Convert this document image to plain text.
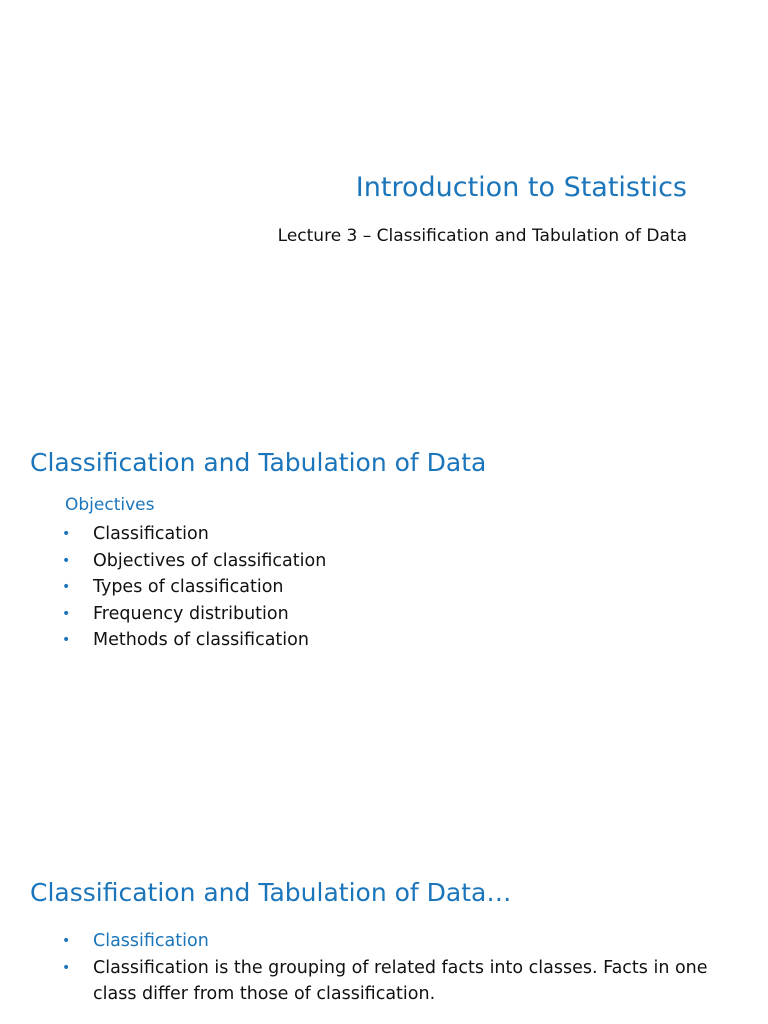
Introduction to Statistics
Lecture 3 – Classification and Tabulation of Data
Classification and Tabulation of Data
Objectives
• Classification
• Objectives of classification
• Types of classification
• Frequency distribution
• Methods of classification
Classification and Tabulation of Data…
• Classification
• Classification is the grouping of related facts into classes. Facts in one class differ from those of classification.
